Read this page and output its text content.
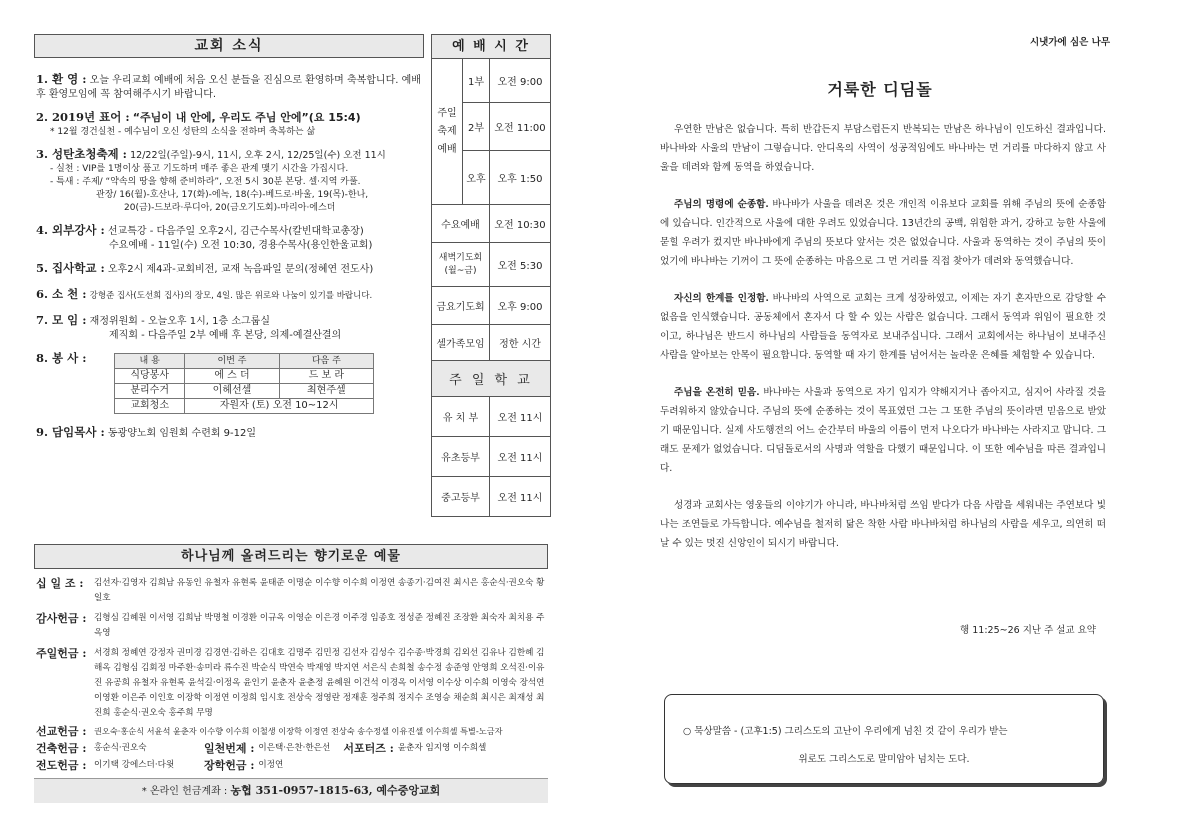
교회 소식
1. 환 영 : 오늘 우리교회 예배에 처음 오신 분들을 진심으로 환영하며 축복합니다. 예배 후 환영모임에 꼭 참여해주시기 바랍니다.
2. 2019년 표어 : “주님이 내 안에, 우리도 주님 안에”(요 15:4)
* 12월 경건실천 - 예수님이 오신 성탄의 소식을 전하며 축복하는 삶
3. 성탄초청축제 : 12/22일(주일)-9시, 11시, 오후 2시, 12/25일(수) 오전 11시
- 실천 : VIP를 1명이상 품고 기도하며 매주 좋은 관계 맺기 시간을 가집시다.
- 특새 : 주제/ “약속의 땅을 향해 준비하라”, 오전 5시 30분 본당. 셀·지역 카풀.
관장/ 16(월)-호산나, 17(화)-에녹, 18(수)-베드로·바울, 19(목)-한나,
20(금)-드보라·루디아, 20(금오기도회)-마리아·에스더
4. 외부강사 : 선교특강 - 다음주일 오후2시, 김근수목사(칼빈대학교총장)
수요예배 - 11일(수) 오전 10:30, 경용수목사(용인한울교회)
5. 집사학교 : 오후2시 제4과-교회비전, 교재 녹음파일 문의(정혜연 전도사)
6. 소 천 : 강형준 집사(도선희 집사)의 장모, 4일. 많은 위로와 나눔이 있기를 바랍니다.
7. 모 임 : 재정위원회 - 오늘오후 1시, 1층 소그룹실
제직회 - 다음주일 2부 예배 후 본당, 의제-예결산결의
8. 봉 사 :	내 용	이번 주	다음 주
식당봉사	에 스 더	드 보 라
분리수거	이헤선셀	최현주셀
교회청소	자원자 (토) 오전 10~12시	
9. 담임목사 : 동광양노회 임원회 수련회 9-12일
예 배 시 간
주일 축제 예배	1부	오전 9:00
	2부	오전 11:00
	오후	오후 1:50
수요예배		오전 10:30
새벽기도회 (월~금)		오전 5:30
금요기도회		오후 9:00
셀가족모임		정한 시간
주 일 학 교		
유 치 부		오전 11시
유초등부		오전 11시
중고등부		오전 11시
하나님께 올려드리는 향기로운 예물
십 일 조 :	김선자·김영자 김희남 유동인 유철자 유현록 윤태준 이명순 이수향 이수희 이정연 송종기·김여진 최시은 홍순식·권오숙 황일호
감사헌금 : 김형심 김혜원 이서영 김희남 박명철 이경환 이규옥 이영순 이은경 이주경 임종호 정성준 정혜진 조장환 최숙자 최치용 주옥영
주일헌금 : 서경희 정혜연 강정자 권미경 김경연·김하은 김대호 김명주 김민정 김선자 김성수 김수종·박경희 김외선 김유나 김한혜 김해옥 김형심 김회정 마주환·송미라 류수진 박순식 박연숙 박재영 박지연 서은식 손희철 송수정 송준영 안영희 오석진·이유진 유공희 유철자 유현록 윤석길·이정옥 윤인기 윤춘자 윤춘정 윤혜원 이건석 이경옥 이서영 이수상 이수희 이영숙 장석연 이영환 이은주 이인호 이장학 이정연 이정희 임시호 전상숙 정영란 정재훈 정주희 정지수 조영승 채순희 최시은 최재성 최진희 홍순식·권오숙 홍주희 무명
선교헌금 : 권오숙·홍순식 서윤석 윤춘자 이수향 이수희 이철생 이장학 이정연 전상숙 송수정셀 이유진셀 이수희셀 특별-노금자
건축헌금 : 홍순식·권오숙	일천번제 : 이은택·은찬·한은선	서포터즈 : 윤춘자 임지영 이수희셀
전도헌금 : 이기택 강에스더·다윗	장학헌금 : 이정연
* 온라인 헌금계좌 : 농협 351-0957-1815-63, 예수중앙교회
시냇가에 심은 나무
거룩한 디딤돌

우연한 만남은 없습니다. 특히 반갑든지 부담스럽든지 반복되는 만남은 하나님이 인도하신 결과입니다. 바나바와 사울의 만남이 그렇습니다. 안디옥의 사역이 성공적임에도 바나바는 먼 거리를 마다하지 않고 사울을 데려와 함께 동역을 하였습니다.

주님의 명령에 순종함. 바나바가 사울을 데려온 것은 개인적 이유보다 교회를 위해 주님의 뜻에 순종함에 있습니다. 인간적으로 사울에 대한 우려도 있었습니다. 13년간의 공백, 위험한 과거, 강하고 능한 사울에 묻힐 우려가 컸지만 바나바에게 주님의 뜻보다 앞서는 것은 없었습니다. 사울과 동역하는 것이 주님의 뜻이었기에 바나바는 기꺼이 그 뜻에 순종하는 마음으로 그 먼 거리를 직접 찾아가 데려와 동역했습니다.

자신의 한계를 인정함. 바나바의 사역으로 교회는 크게 성장하였고, 이제는 자기 혼자만으로 감당할 수 없음을 인식했습니다. 공동체에서 혼자서 다 할 수 있는 사람은 없습니다. 그래서 동역과 위임이 필요한 것이고, 하나님은 반드시 하나님의 사람들을 동역자로 보내주십니다. 그래서 교회에서는 하나님이 보내주신 사람을 알아보는 안목이 필요합니다. 동역할 때 자기 한계를 넘어서는 놀라운 은혜를 체험할 수 있습니다.

주님을 온전히 믿음. 바나바는 사울과 동역으로 자기 입지가 약해지거나 좁아지고, 심지어 사라질 것을 두려워하지 않았습니다. 주님의 뜻에 순종하는 것이 목표였던 그는 그 또한 주님의 뜻이라면 믿음으로 받았기 때문입니다. 실제 사도행전의 어느 순간부터 바울의 이름이 먼저 나오다가 바나바는 사라지고 맙니다. 그래도 문제가 없었습니다. 디딤돌로서의 사명과 역할을 다했기 때문입니다. 이 또한 예수님을 따른 결과입니다.

성경과 교회사는 영웅들의 이야기가 아니라, 바나바처럼 쓰임 받다가 다음 사람을 세워내는 주연보다 빛나는 조연들로 가득합니다. 예수님을 철저히 닮은 착한 사람 바나바처럼 하나님의 사람을 세우고, 의연히 떠날 수 있는 멋진 신앙인이 되시기 바랍니다.

행 11:25~26 지난 주 설교 요약
○ 묵상말씀 - (고후1:5) 그리스도의 고난이 우리에게 넘친 것 같이 우리가 받는
위로도 그리스도로 말미암아 넘치는 도다.
